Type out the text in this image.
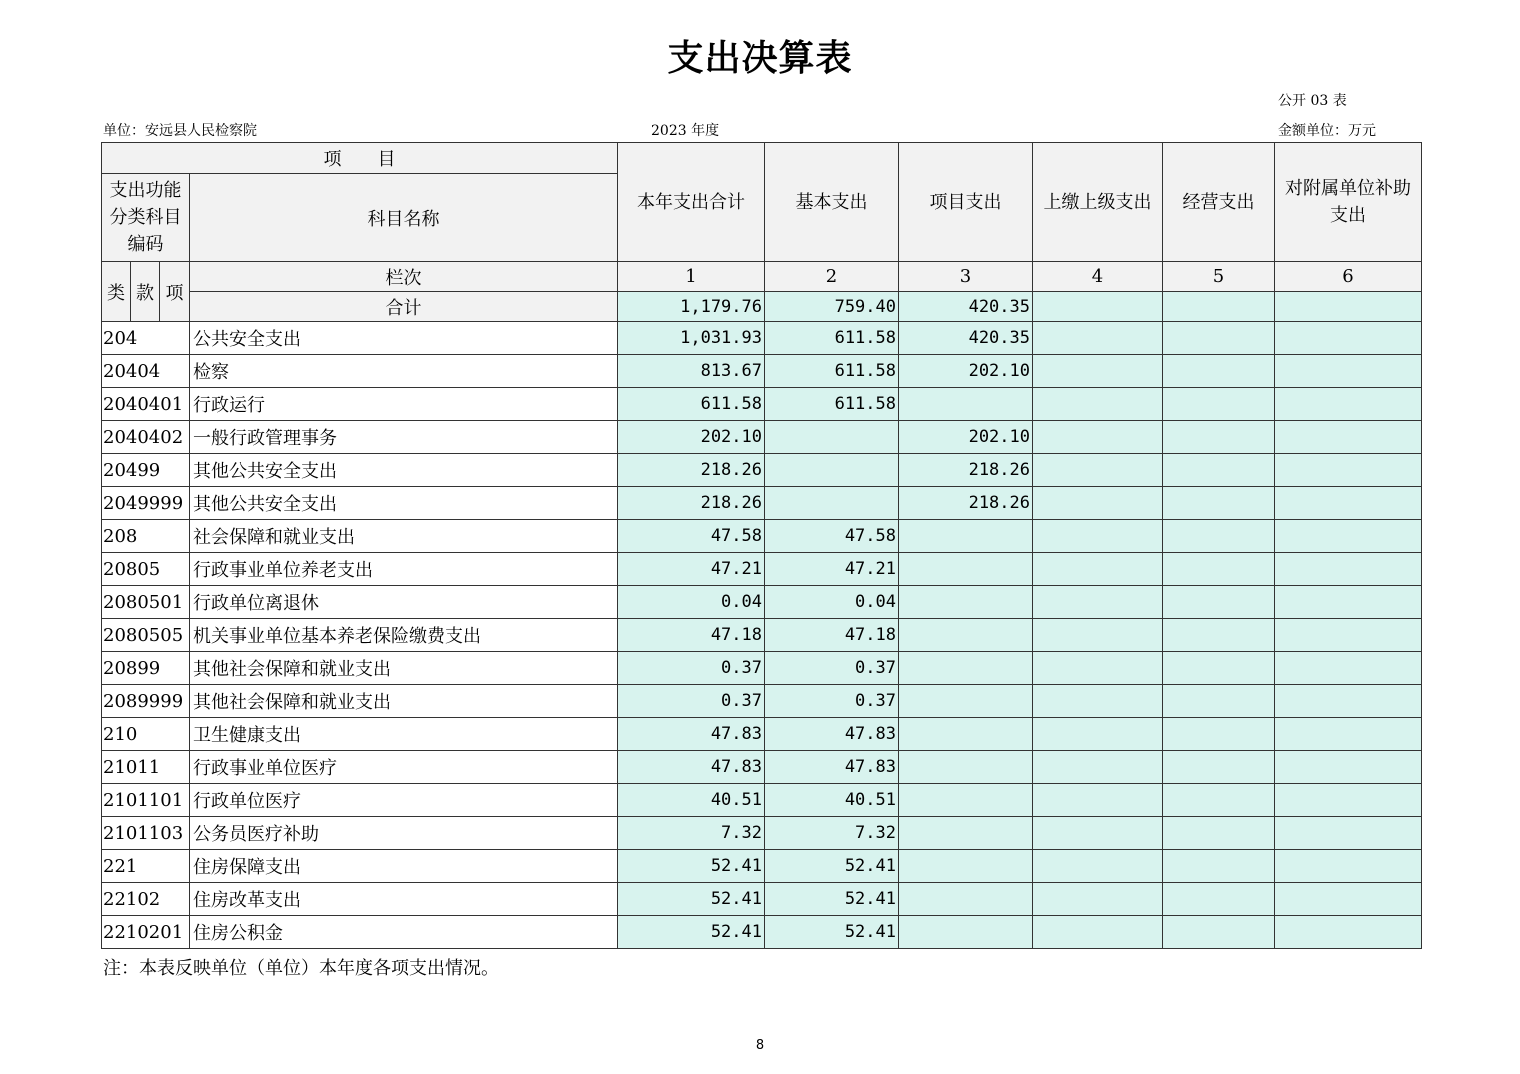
支出决算表
公开 03 表
单位：安远县人民检察院	2023 年度	金额单位：万元
项　　目				本年支出合计	基本支出	项目支出	上缴上级支出	经营支出	对附属单位补助支出
支出功能分类科目编码			科目名称						
类	款	项	栏次	1	2	3	4	5	6
			合计	1,179.76	759.40	420.35			
204			公共安全支出	1,031.93	611.58	420.35			
20404			检察	813.67	611.58	202.10			
2040401			行政运行	611.58	611.58				
2040402			一般行政管理事务	202.10		202.10			
20499			其他公共安全支出	218.26		218.26			
2049999			其他公共安全支出	218.26		218.26			
208			社会保障和就业支出	47.58	47.58				
20805			行政事业单位养老支出	47.21	47.21				
2080501			行政单位离退休	0.04	0.04				
2080505			机关事业单位基本养老保险缴费支出	47.18	47.18				
20899			其他社会保障和就业支出	0.37	0.37				
2089999			其他社会保障和就业支出	0.37	0.37				
210			卫生健康支出	47.83	47.83				
21011			行政事业单位医疗	47.83	47.83				
2101101			行政单位医疗	40.51	40.51				
2101103			公务员医疗补助	7.32	7.32				
221			住房保障支出	52.41	52.41				
22102			住房改革支出	52.41	52.41				
2210201			住房公积金	52.41	52.41				
注：本表反映单位（单位）本年度各项支出情况。
8
